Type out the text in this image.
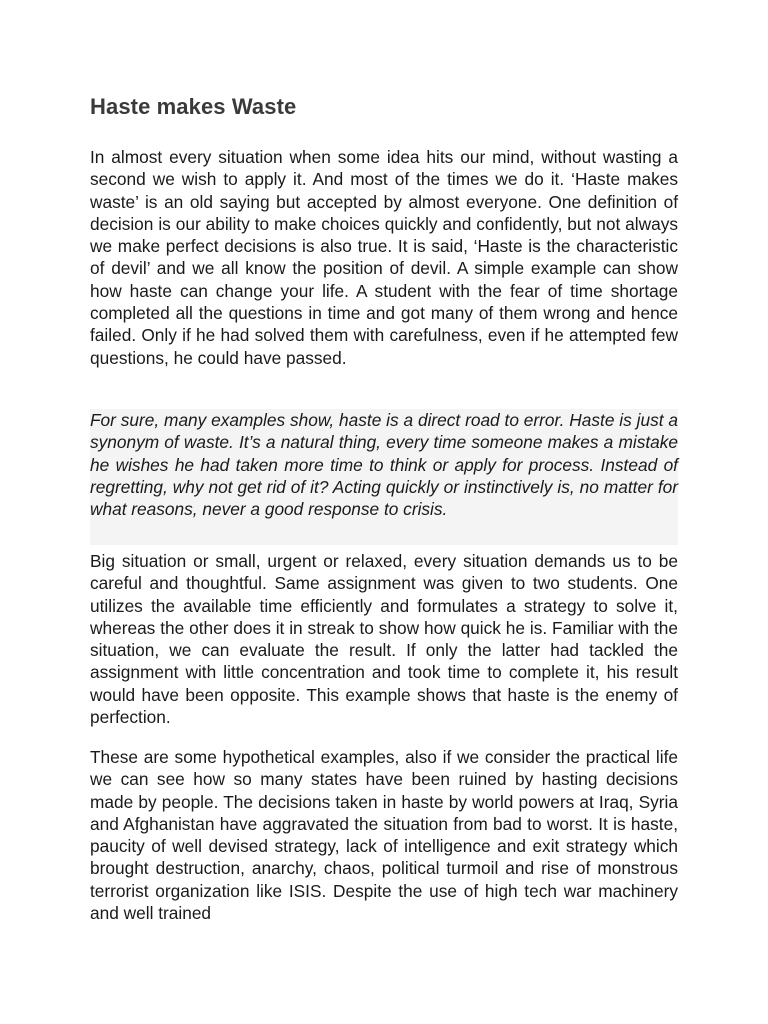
Haste makes Waste

In almost every situation when some idea hits our mind, without wasting a second we wish to apply it. And most of the times we do it. ‘Haste makes waste’ is an old saying but accepted by almost everyone. One definition of decision is our ability to make choices quickly and confidently, but not always we make perfect decisions is also true. It is said, ‘Haste is the characteristic of devil’ and we all know the position of devil. A simple example can show how haste can change your life. A student with the fear of time shortage completed all the questions in time and got many of them wrong and hence failed. Only if he had solved them with carefulness, even if he attempted few questions, he could have passed.

For sure, many examples show, haste is a direct road to error. Haste is just a synonym of waste. It’s a natural thing, every time someone makes a mistake he wishes he had taken more time to think or apply for process. Instead of regretting, why not get rid of it? Acting quickly or instinctively is, no matter for what reasons, never a good response to crisis.

Big situation or small, urgent or relaxed, every situation demands us to be careful and thoughtful. Same assignment was given to two students. One utilizes the available time efficiently and formulates a strategy to solve it, whereas the other does it in streak to show how quick he is. Familiar with the situation, we can evaluate the result. If only the latter had tackled the assignment with little concentration and took time to complete it, his result would have been opposite. This example shows that haste is the enemy of perfection.

These are some hypothetical examples, also if we consider the practical life we can see how so many states have been ruined by hasting decisions made by people. The decisions taken in haste by world powers at Iraq, Syria and Afghanistan have aggravated the situation from bad to worst. It is haste, paucity of well devised strategy, lack of intelligence and exit strategy which brought destruction, anarchy, chaos, political turmoil and rise of monstrous terrorist organization like ISIS. Despite the use of high tech war machinery and well trained
